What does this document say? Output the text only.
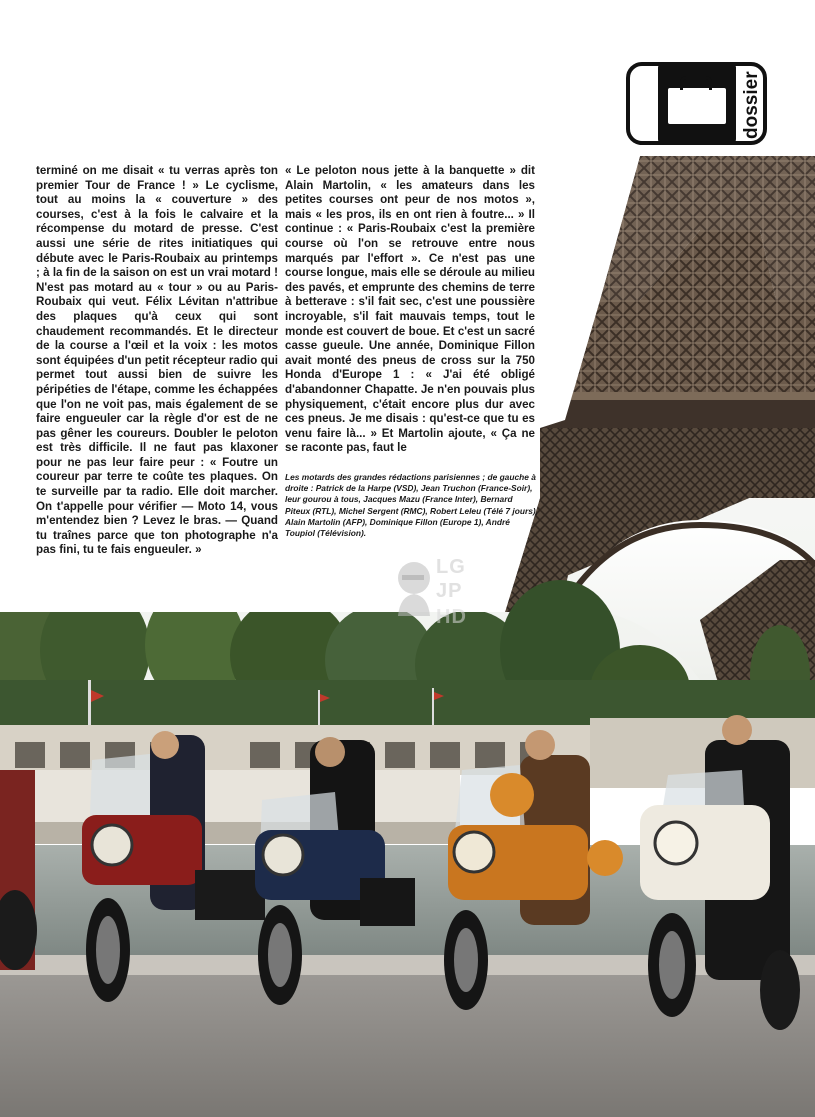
dossier
terminé on me disait « tu verras après ton premier Tour de France ! » Le cyclisme, tout au moins la « couverture » des courses, c'est à la fois le calvaire et la récompense du motard de presse. C'est aussi une série de rites initiatiques qui débute avec le Paris-Roubaix au printemps ; à la fin de la saison on est un vrai motard ! N'est pas motard au « tour » ou au Paris-Roubaix qui veut. Félix Lévitan n'attribue des plaques qu'à ceux qui sont chaudement recommandés. Et le directeur de la course a l'œil et la voix : les motos sont équipées d'un petit récepteur radio qui permet tout aussi bien de suivre les péripéties de l'étape, comme les échappées que l'on ne voit pas, mais également de se faire engueuler car la règle d'or est de ne pas gêner les coureurs. Doubler le peloton est très difficile. Il ne faut pas klaxoner pour ne pas leur faire peur : « Foutre un coureur par terre te coûte tes plaques. On te surveille par ta radio. Elle doit marcher. On t'appelle pour vérifier — Moto 14, vous m'entendez bien ? Levez le bras. — Quand tu traînes parce que ton photographe n'a pas fini, tu te fais engueuler. »
« Le peloton nous jette à la banquette » dit Alain Martolin, « les amateurs dans les petites courses ont peur de nos motos », mais « les pros, ils en ont rien à foutre... » Il continue : « Paris-Roubaix c'est la première course où l'on se retrouve entre nous marqués par l'effort ». Ce n'est pas une course longue, mais elle se déroule au milieu des pavés, et emprunte des chemins de terre à betterave : s'il fait sec, c'est une poussière incroyable, s'il fait mauvais temps, tout le monde est couvert de boue. Et c'est un sacré casse gueule. Une année, Dominique Fillon avait monté des pneus de cross sur la 750 Honda d'Europe 1 : « J'ai été obligé d'abandonner Chapatte. Je n'en pouvais plus physiquement, c'était encore plus dur avec ces pneus. Je me disais : qu'est-ce que tu es venu faire là... » Et Martolin ajoute, « Ça ne se raconte pas, faut le
Les motards des grandes rédactions parisiennes ; de gauche à droite : Patrick de la Harpe (VSD), Jean Truchon (France-Soir), leur gourou à tous, Jacques Mazu (France Inter), Bernard Piteux (RTL), Michel Sergent (RMC), Robert Leleu (Télé 7 jours), Alain Martolin (AFP), Dominique Fillon (Europe 1), André Toupiol (Télévision).
LG
JP
HD
